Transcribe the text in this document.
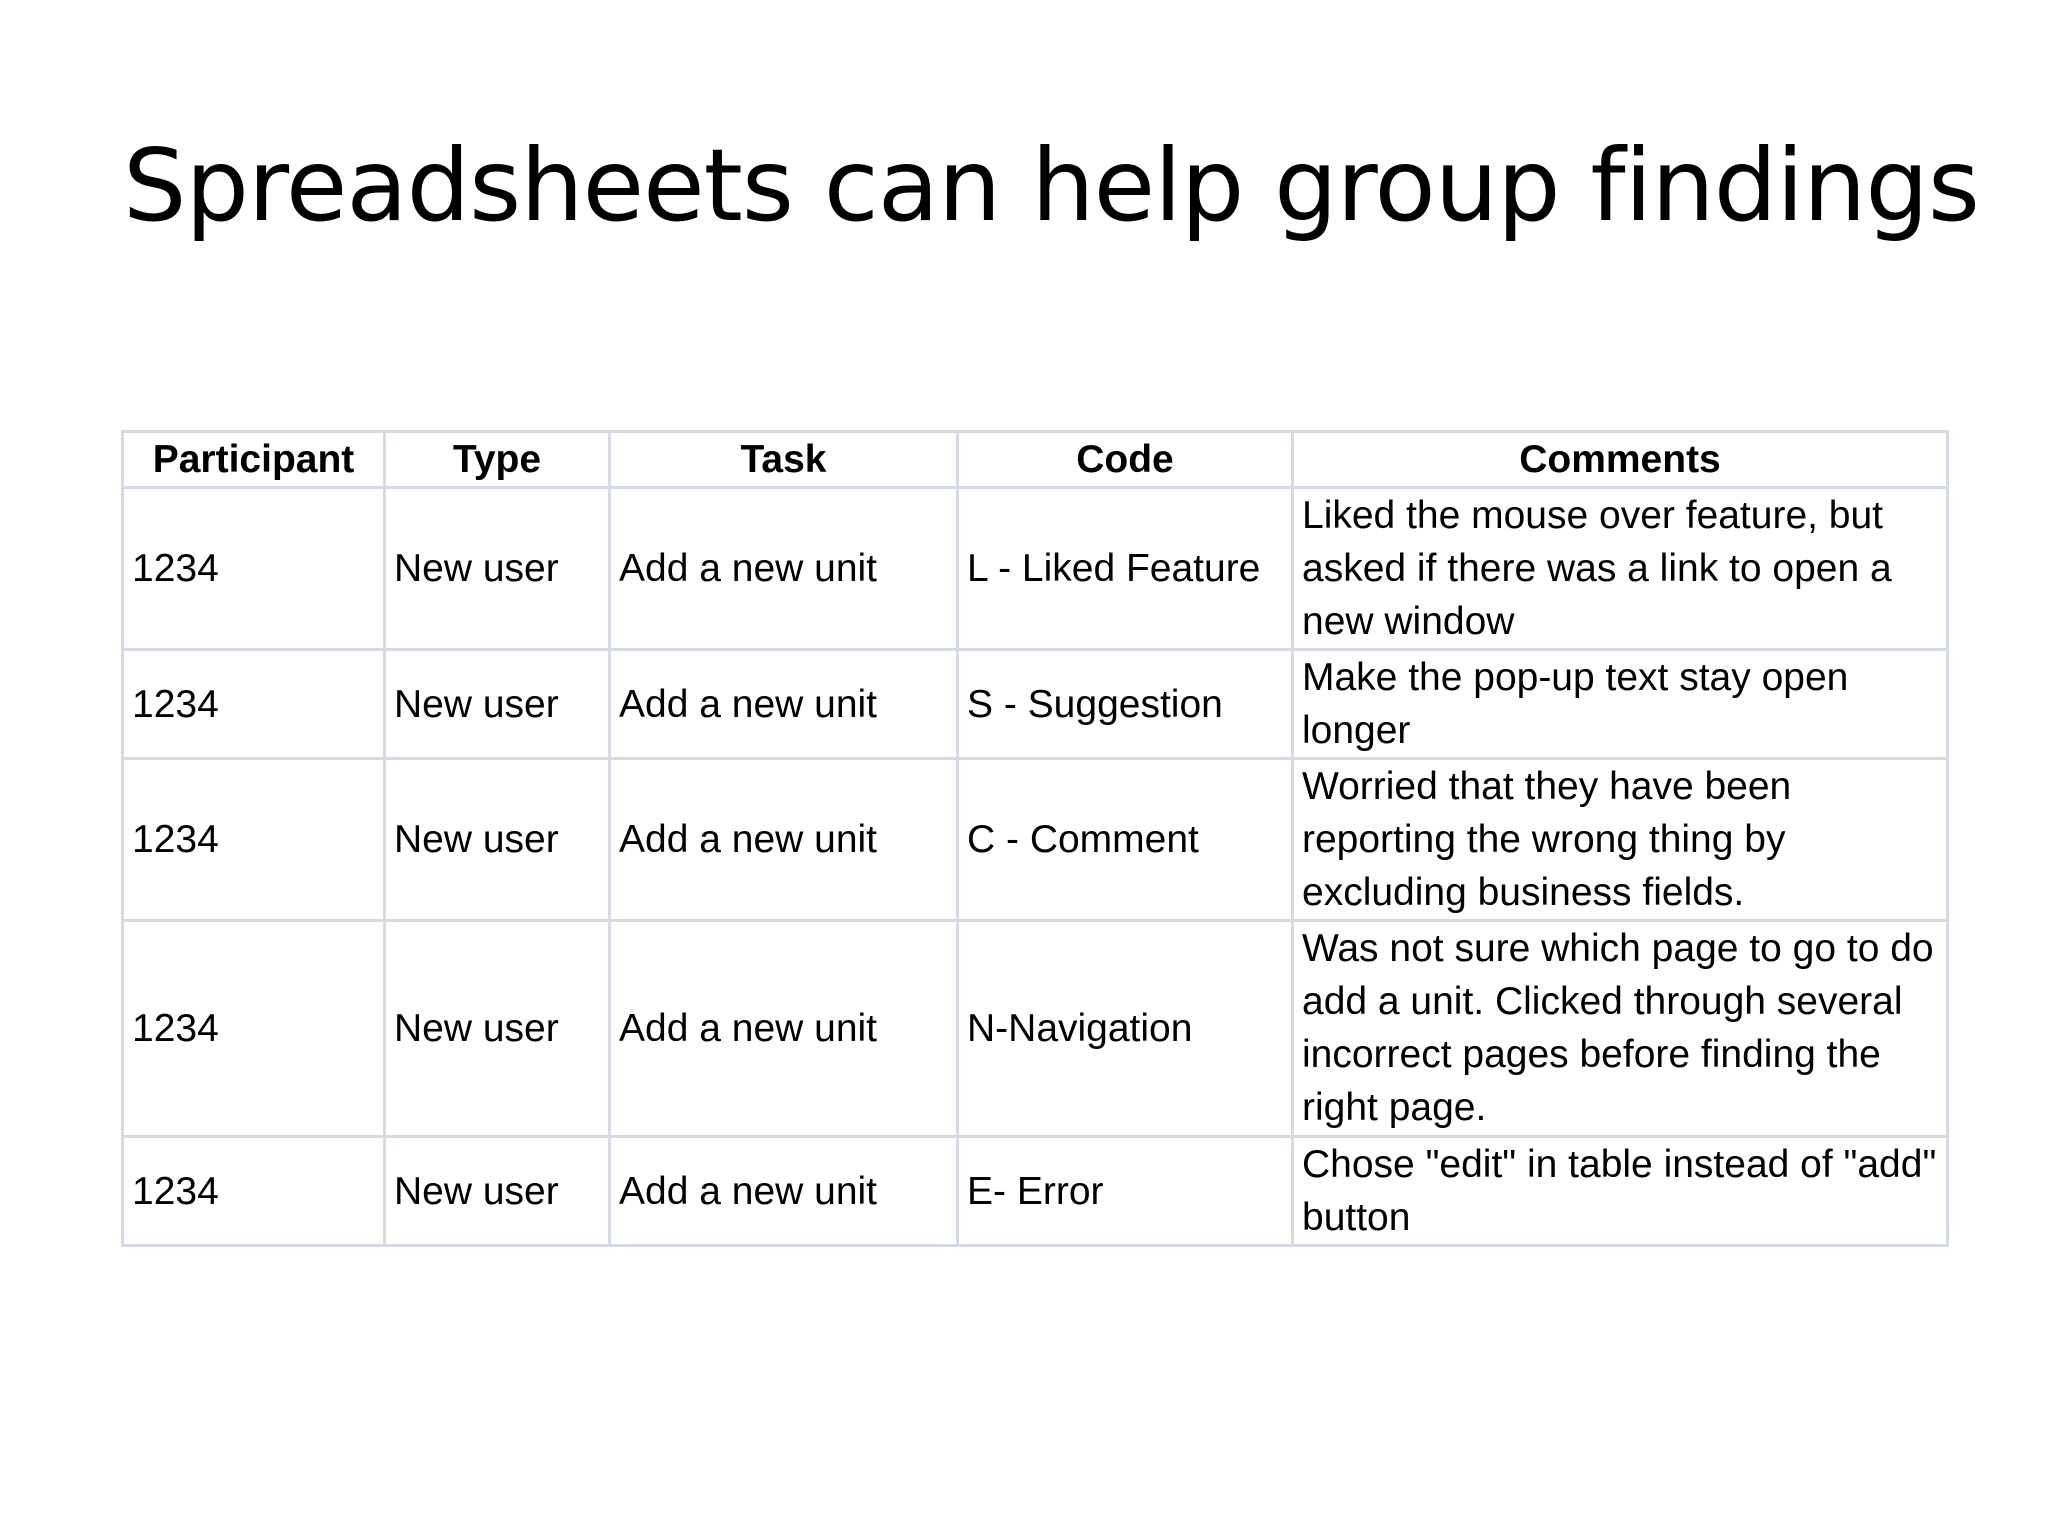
Spreadsheets can help group findings
Participant	Type	Task	Code	Comments
1234	New user	Add a new unit	L - Liked Feature	Liked the mouse over feature, but asked if there was a link to open a new window
1234	New user	Add a new unit	S - Suggestion	Make the pop-up text stay open longer
1234	New user	Add a new unit	C - Comment	Worried that they have been reporting the wrong thing by excluding business fields.
1234	New user	Add a new unit	N-Navigation	Was not sure which page to go to do add a unit. Clicked through several incorrect pages before finding the right page.
1234	New user	Add a new unit	E- Error	Chose "edit" in table instead of "add" button
